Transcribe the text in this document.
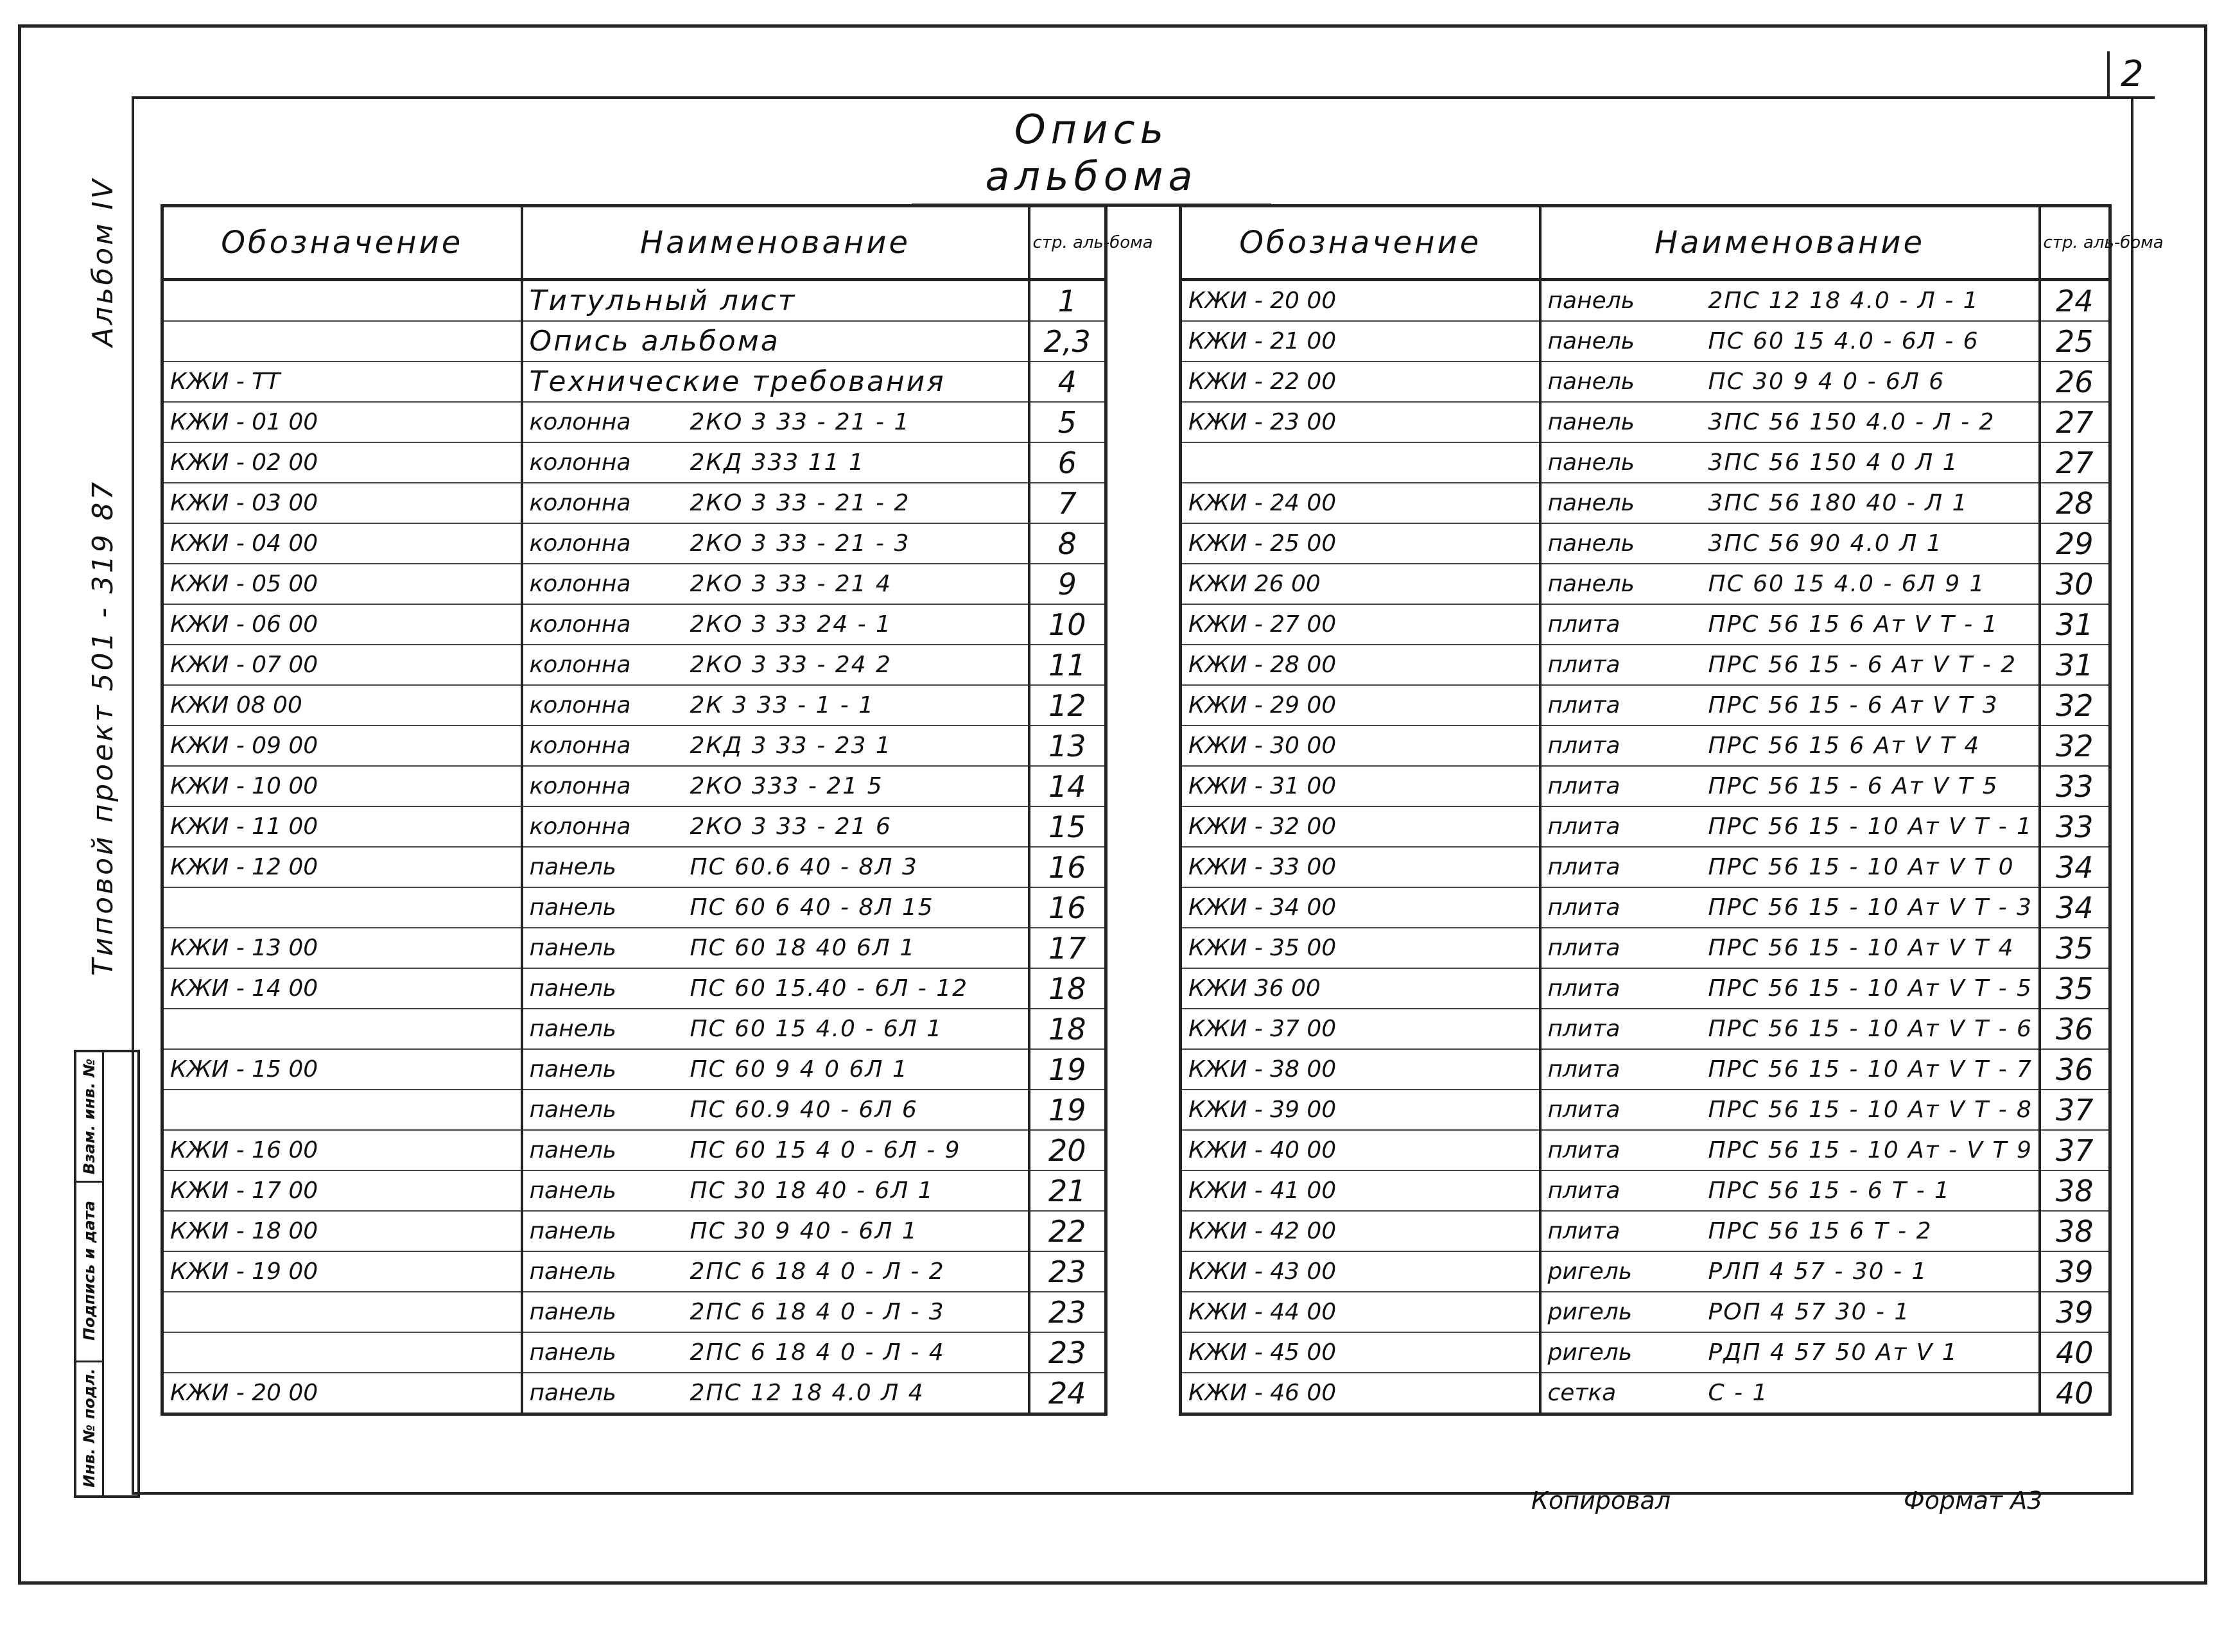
2
Опись альбома
Альбом IV
Типовой проект 501 - 319 87
Взам. инв. №
Подпись и дата
Инв. № подл.
Обозначение	Наименование	стр. аль-бома
	Титульный лист	1
	Опись альбома	2,3
КЖИ - ТТ	Технические требования	4
КЖИ - 01 00	колонна 2КО 3 33 - 21 - 1	5
КЖИ - 02 00	колонна 2КД 333 11 1	6
КЖИ - 03 00	колонна 2КО 3 33 - 21 - 2	7
КЖИ - 04 00	колонна 2КО 3 33 - 21 - 3	8
КЖИ - 05 00	колонна 2КО 3 33 - 21 4	9
КЖИ - 06 00	колонна 2КО 3 33 24 - 1	10
КЖИ - 07 00	колонна 2КО 3 33 - 24 2	11
КЖИ 08 00	колонна 2К 3 33 - 1 - 1	12
КЖИ - 09 00	колонна 2КД 3 33 - 23 1	13
КЖИ - 10 00	колонна 2КО 333 - 21 5	14
КЖИ - 11 00	колонна 2КО 3 33 - 21 6	15
КЖИ - 12 00	панель ПС 60.6 40 - 8Л 3	16
	панель ПС 60 6 40 - 8Л 15	16
КЖИ - 13 00	панель ПС 60 18 40 6Л 1	17
КЖИ - 14 00	панель ПС 60 15.40 - 6Л - 12	18
	панель ПС 60 15 4.0 - 6Л 1	18
КЖИ - 15 00	панель ПС 60 9 4 0 6Л 1	19
	панель ПС 60.9 40 - 6Л 6	19
КЖИ - 16 00	панель ПС 60 15 4 0 - 6Л - 9	20
КЖИ - 17 00	панель ПС 30 18 40 - 6Л 1	21
КЖИ - 18 00	панель ПС 30 9 40 - 6Л 1	22
КЖИ - 19 00	панель 2ПС 6 18 4 0 - Л - 2	23
	панель 2ПС 6 18 4 0 - Л - 3	23
	панель 2ПС 6 18 4 0 - Л - 4	23
КЖИ - 20 00	панель 2ПС 12 18 4.0 Л 4	24
Обозначение	Наименование	стр. аль-бома
КЖИ - 20 00	панель 2ПС 12 18 4.0 - Л - 1	24
КЖИ - 21 00	панель ПС 60 15 4.0 - 6Л - 6	25
КЖИ - 22 00	панель ПС 30 9 4 0 - 6Л 6	26
КЖИ - 23 00	панель 3ПС 56 150 4.0 - Л - 2	27
	панель 3ПС 56 150 4 0 Л 1	27
КЖИ - 24 00	панель 3ПС 56 180 40 - Л 1	28
КЖИ - 25 00	панель 3ПС 56 90 4.0 Л 1	29
КЖИ 26 00	панель ПС 60 15 4.0 - 6Л 9 1	30
КЖИ - 27 00	плита ПРС 56 15 6 Ат V Т - 1	31
КЖИ - 28 00	плита ПРС 56 15 - 6 Ат V Т - 2	31
КЖИ - 29 00	плита ПРС 56 15 - 6 Ат V Т 3	32
КЖИ - 30 00	плита ПРС 56 15 6 Ат V Т 4	32
КЖИ - 31 00	плита ПРС 56 15 - 6 Ат V Т 5	33
КЖИ - 32 00	плита ПРС 56 15 - 10 Ат V Т - 1	33
КЖИ - 33 00	плита ПРС 56 15 - 10 Ат V Т 0	34
КЖИ - 34 00	плита ПРС 56 15 - 10 Ат V Т - 3	34
КЖИ - 35 00	плита ПРС 56 15 - 10 Ат V Т 4	35
КЖИ 36 00	плита ПРС 56 15 - 10 Ат V Т - 5	35
КЖИ - 37 00	плита ПРС 56 15 - 10 Ат V Т - 6	36
КЖИ - 38 00	плита ПРС 56 15 - 10 Ат V Т - 7	36
КЖИ - 39 00	плита ПРС 56 15 - 10 Ат V Т - 8	37
КЖИ - 40 00	плита ПРС 56 15 - 10 Ат - V Т 9	37
КЖИ - 41 00	плита ПРС 56 15 - 6 Т - 1	38
КЖИ - 42 00	плита ПРС 56 15 6 Т - 2	38
КЖИ - 43 00	ригель РЛП 4 57 - 30 - 1	39
КЖИ - 44 00	ригель РОП 4 57 30 - 1	39
КЖИ - 45 00	ригель РДП 4 57 50 Ат V 1	40
КЖИ - 46 00	сетка С - 1	40
Копировал	Формат А3
